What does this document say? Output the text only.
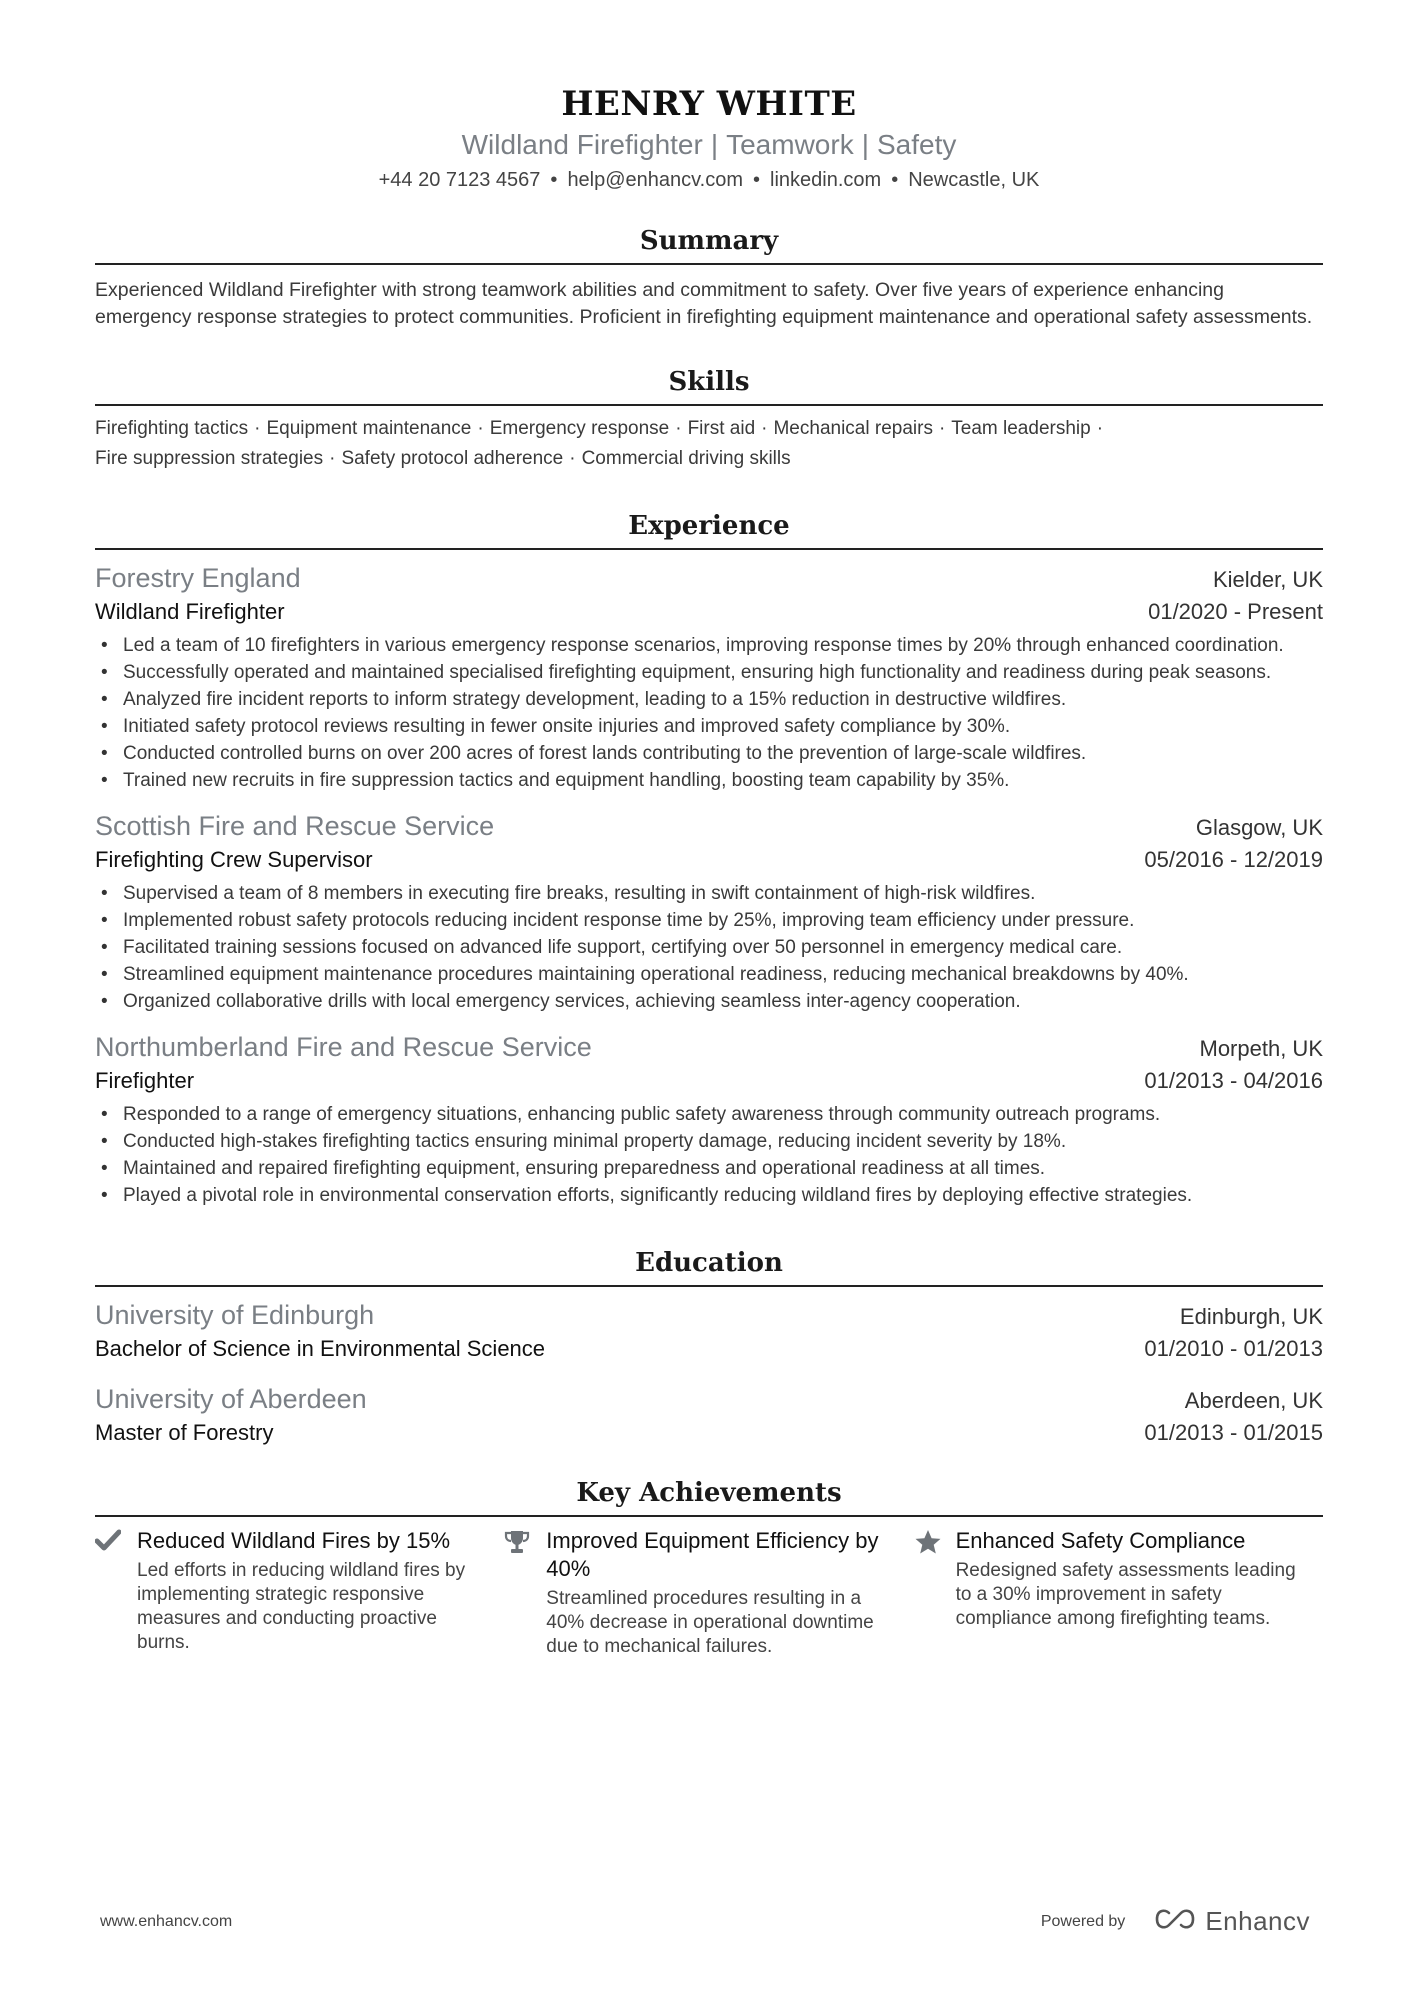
HENRY WHITE
Wildland Firefighter | Teamwork | Safety
+44 20 7123 4567 • help@enhancv.com • linkedin.com • Newcastle, UK
Summary
Experienced Wildland Firefighter with strong teamwork abilities and commitment to safety. Over five years of experience enhancing emergency response strategies to protect communities. Proficient in firefighting equipment maintenance and operational safety assessments.
Skills
Firefighting tactics · Equipment maintenance · Emergency response · First aid · Mechanical repairs · Team leadership ·
Fire suppression strategies · Safety protocol adherence · Commercial driving skills
Experience
Forestry England	Kielder, UK
Wildland Firefighter	01/2020 - Present
• Led a team of 10 firefighters in various emergency response scenarios, improving response times by 20% through enhanced coordination.
• Successfully operated and maintained specialised firefighting equipment, ensuring high functionality and readiness during peak seasons.
• Analyzed fire incident reports to inform strategy development, leading to a 15% reduction in destructive wildfires.
• Initiated safety protocol reviews resulting in fewer onsite injuries and improved safety compliance by 30%.
• Conducted controlled burns on over 200 acres of forest lands contributing to the prevention of large-scale wildfires.
• Trained new recruits in fire suppression tactics and equipment handling, boosting team capability by 35%.
Scottish Fire and Rescue Service	Glasgow, UK
Firefighting Crew Supervisor	05/2016 - 12/2019
• Supervised a team of 8 members in executing fire breaks, resulting in swift containment of high-risk wildfires.
• Implemented robust safety protocols reducing incident response time by 25%, improving team efficiency under pressure.
• Facilitated training sessions focused on advanced life support, certifying over 50 personnel in emergency medical care.
• Streamlined equipment maintenance procedures maintaining operational readiness, reducing mechanical breakdowns by 40%.
• Organized collaborative drills with local emergency services, achieving seamless inter-agency cooperation.
Northumberland Fire and Rescue Service	Morpeth, UK
Firefighter	01/2013 - 04/2016
• Responded to a range of emergency situations, enhancing public safety awareness through community outreach programs.
• Conducted high-stakes firefighting tactics ensuring minimal property damage, reducing incident severity by 18%.
• Maintained and repaired firefighting equipment, ensuring preparedness and operational readiness at all times.
• Played a pivotal role in environmental conservation efforts, significantly reducing wildland fires by deploying effective strategies.
Education
University of Edinburgh	Edinburgh, UK
Bachelor of Science in Environmental Science	01/2010 - 01/2013
University of Aberdeen	Aberdeen, UK
Master of Forestry	01/2013 - 01/2015
Key Achievements
Reduced Wildland Fires by 15%
Led efforts in reducing wildland fires by implementing strategic responsive measures and conducting proactive burns.
Improved Equipment Efficiency by 40%
Streamlined procedures resulting in a 40% decrease in operational downtime due to mechanical failures.
Enhanced Safety Compliance
Redesigned safety assessments leading to a 30% improvement in safety compliance among firefighting teams.
www.enhancv.com	Powered by	Enhancv
